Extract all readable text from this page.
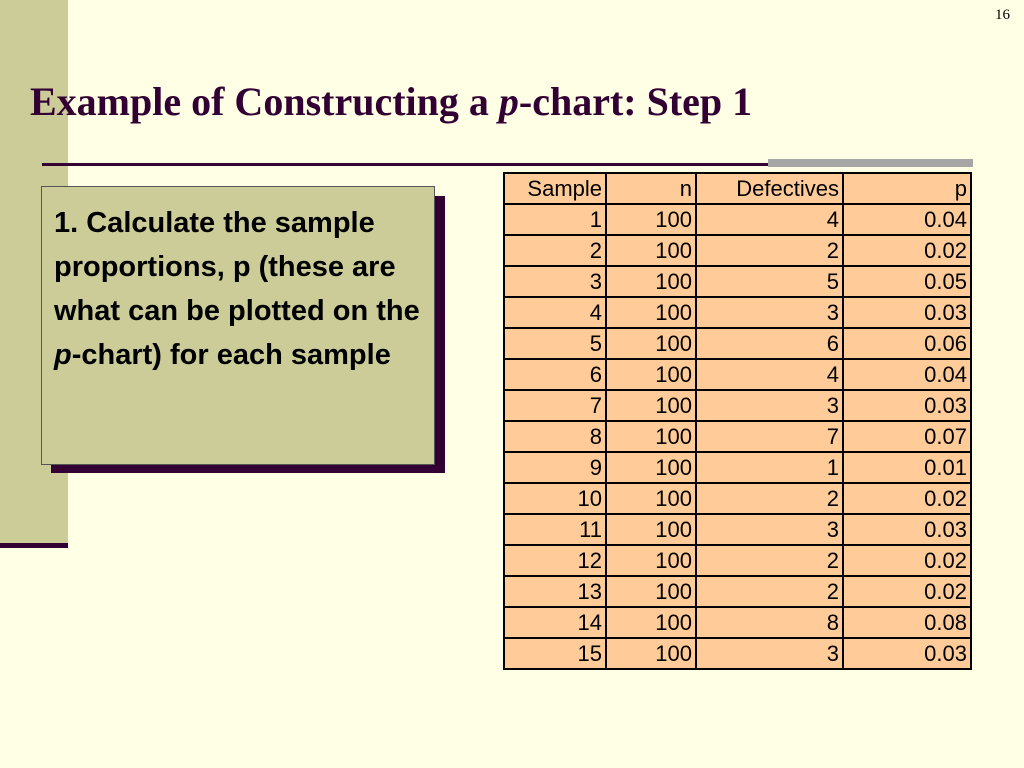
16
Example of Constructing a p-chart: Step 1
1. Calculate the sample proportions, p (these are what can be plotted on the p-chart) for each sample
Sample	n	Defectives	p
1	100	4	0.04
2	100	2	0.02
3	100	5	0.05
4	100	3	0.03
5	100	6	0.06
6	100	4	0.04
7	100	3	0.03
8	100	7	0.07
9	100	1	0.01
10	100	2	0.02
11	100	3	0.03
12	100	2	0.02
13	100	2	0.02
14	100	8	0.08
15	100	3	0.03
